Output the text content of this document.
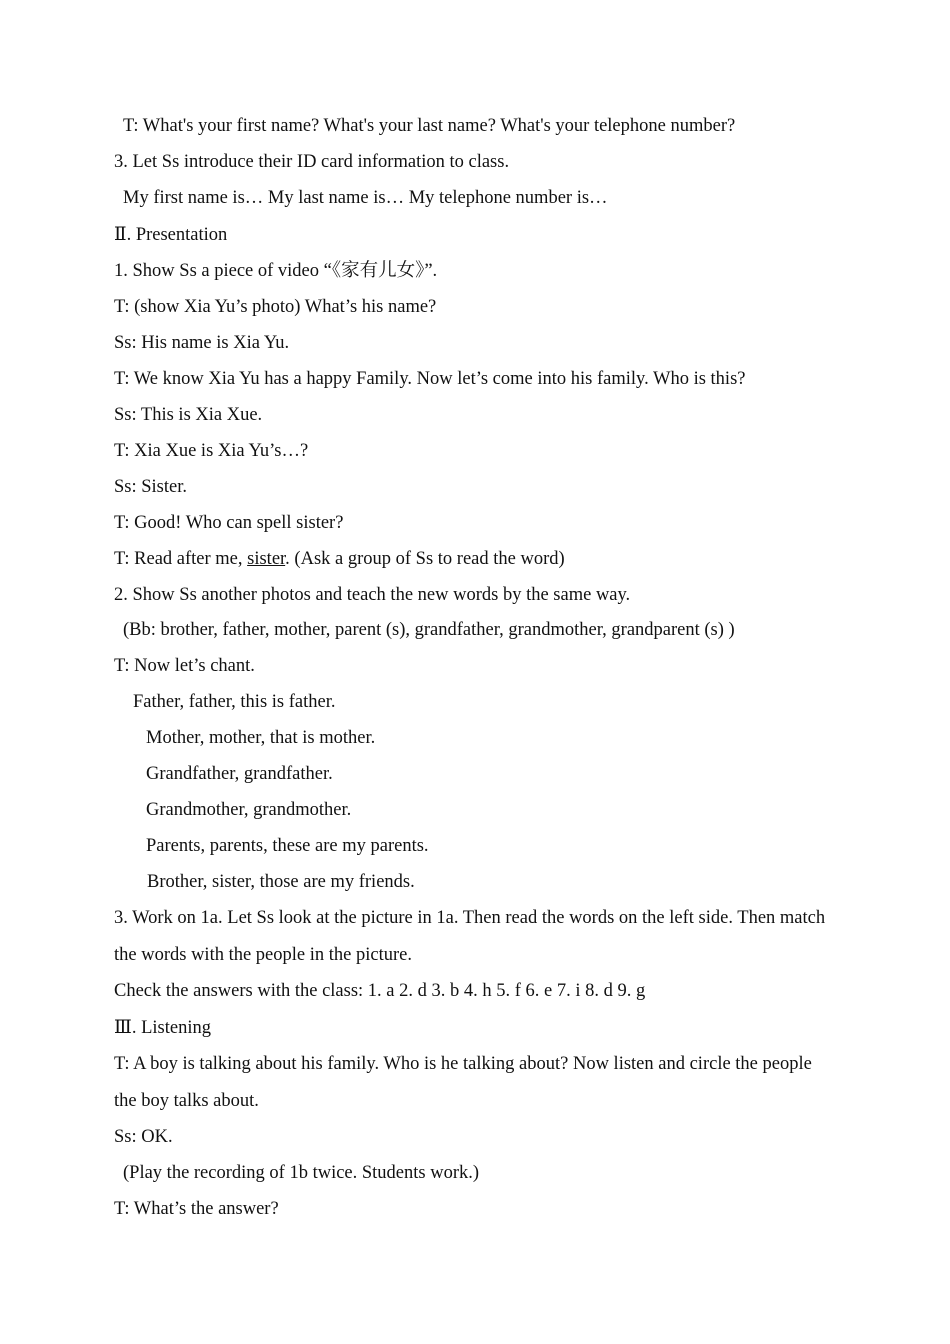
T: What's your first name? What's your last name? What's your telephone number?
3. Let Ss introduce their ID card information to class.
My first name is… My last name is… My telephone number is…
Ⅱ. Presentation
1. Show Ss a piece of video “《家有儿女》”.
T: (show Xia Yu’s photo) What’s his name?
Ss: His name is Xia Yu.
T: We know Xia Yu has a happy Family. Now let’s come into his family. Who is this?
Ss: This is Xia Xue.
T: Xia Xue is Xia Yu’s…?
Ss: Sister.
T: Good! Who can spell sister?
T: Read after me, sister. (Ask a group of Ss to read the word)
2. Show Ss another photos and teach the new words by the same way.
(Bb: brother, father, mother, parent (s), grandfather, grandmother, grandparent (s) )
T: Now let’s chant.
Father, father, this is father.
Mother, mother, that is mother.
Grandfather, grandfather.
Grandmother, grandmother.
Parents, parents, these are my parents.
Brother, sister, those are my friends.
3. Work on 1a. Let Ss look at the picture in 1a. Then read the words on the left side. Then match
the words with the people in the picture.
Check the answers with the class: 1. a 2. d 3. b 4. h 5. f 6. e 7. i 8. d 9. g
Ⅲ. Listening
T: A boy is talking about his family. Who is he talking about? Now listen and circle the people
the boy talks about.
Ss: OK.
(Play the recording of 1b twice. Students work.)
T: What’s the answer?
